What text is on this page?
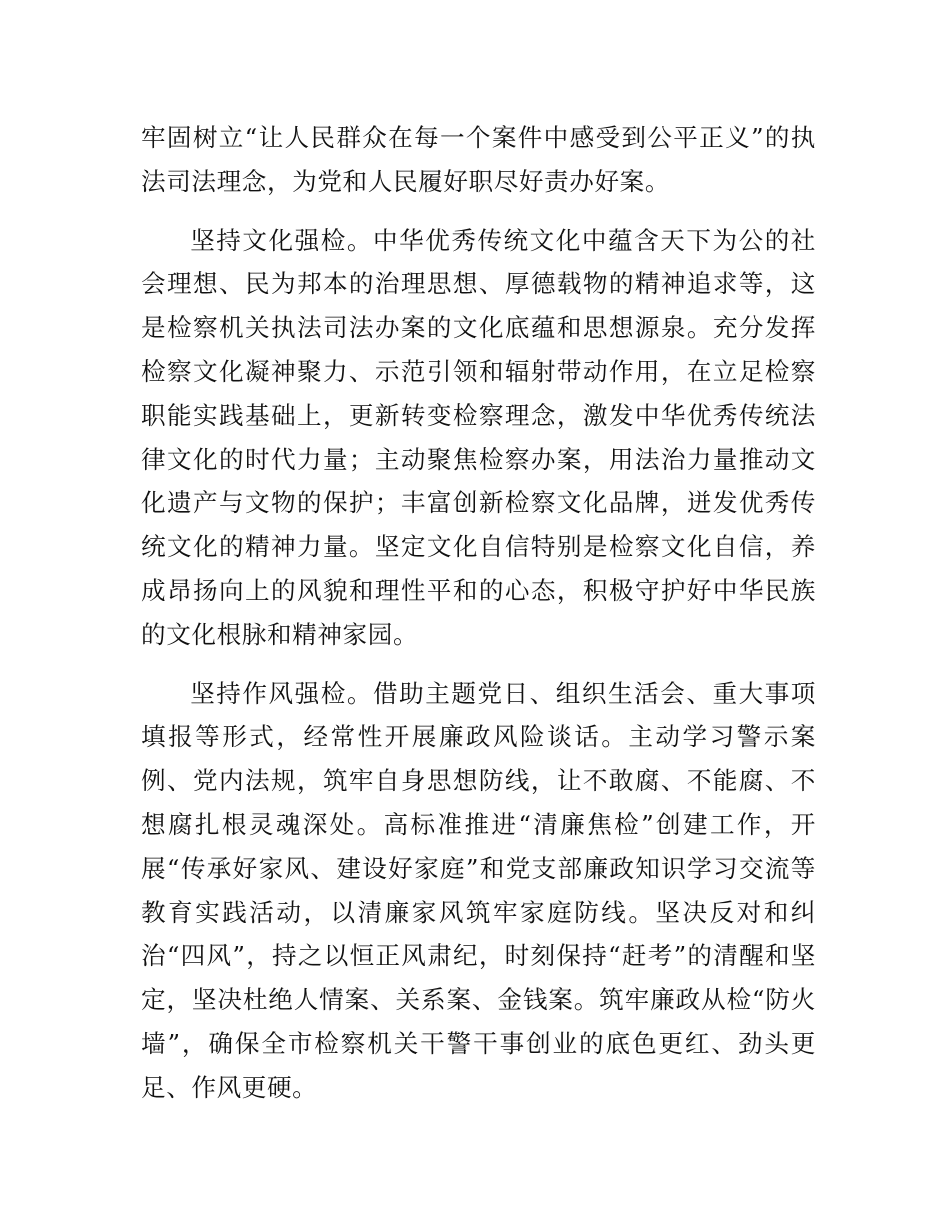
牢固树立“让人民群众在每一个案件中感受到公平正义”的执法司法理念，为党和人民履好职尽好责办好案。

坚持文化强检。中华优秀传统文化中蕴含天下为公的社会理想、民为邦本的治理思想、厚德载物的精神追求等，这是检察机关执法司法办案的文化底蕴和思想源泉。充分发挥检察文化凝神聚力、示范引领和辐射带动作用，在立足检察职能实践基础上，更新转变检察理念，激发中华优秀传统法律文化的时代力量；主动聚焦检察办案，用法治力量推动文化遗产与文物的保护；丰富创新检察文化品牌，迸发优秀传统文化的精神力量。坚定文化自信特别是检察文化自信，养成昂扬向上的风貌和理性平和的心态，积极守护好中华民族的文化根脉和精神家园。

坚持作风强检。借助主题党日、组织生活会、重大事项填报等形式，经常性开展廉政风险谈话。主动学习警示案例、党内法规，筑牢自身思想防线，让不敢腐、不能腐、不想腐扎根灵魂深处。高标准推进“清廉焦检”创建工作，开展“传承好家风、建设好家庭”和党支部廉政知识学习交流等教育实践活动，以清廉家风筑牢家庭防线。坚决反对和纠治“四风”，持之以恒正风肃纪，时刻保持“赶考”的清醒和坚定，坚决杜绝人情案、关系案、金钱案。筑牢廉政从检“防火墙”，确保全市检察机关干警干事创业的底色更红、劲头更足、作风更硬。
